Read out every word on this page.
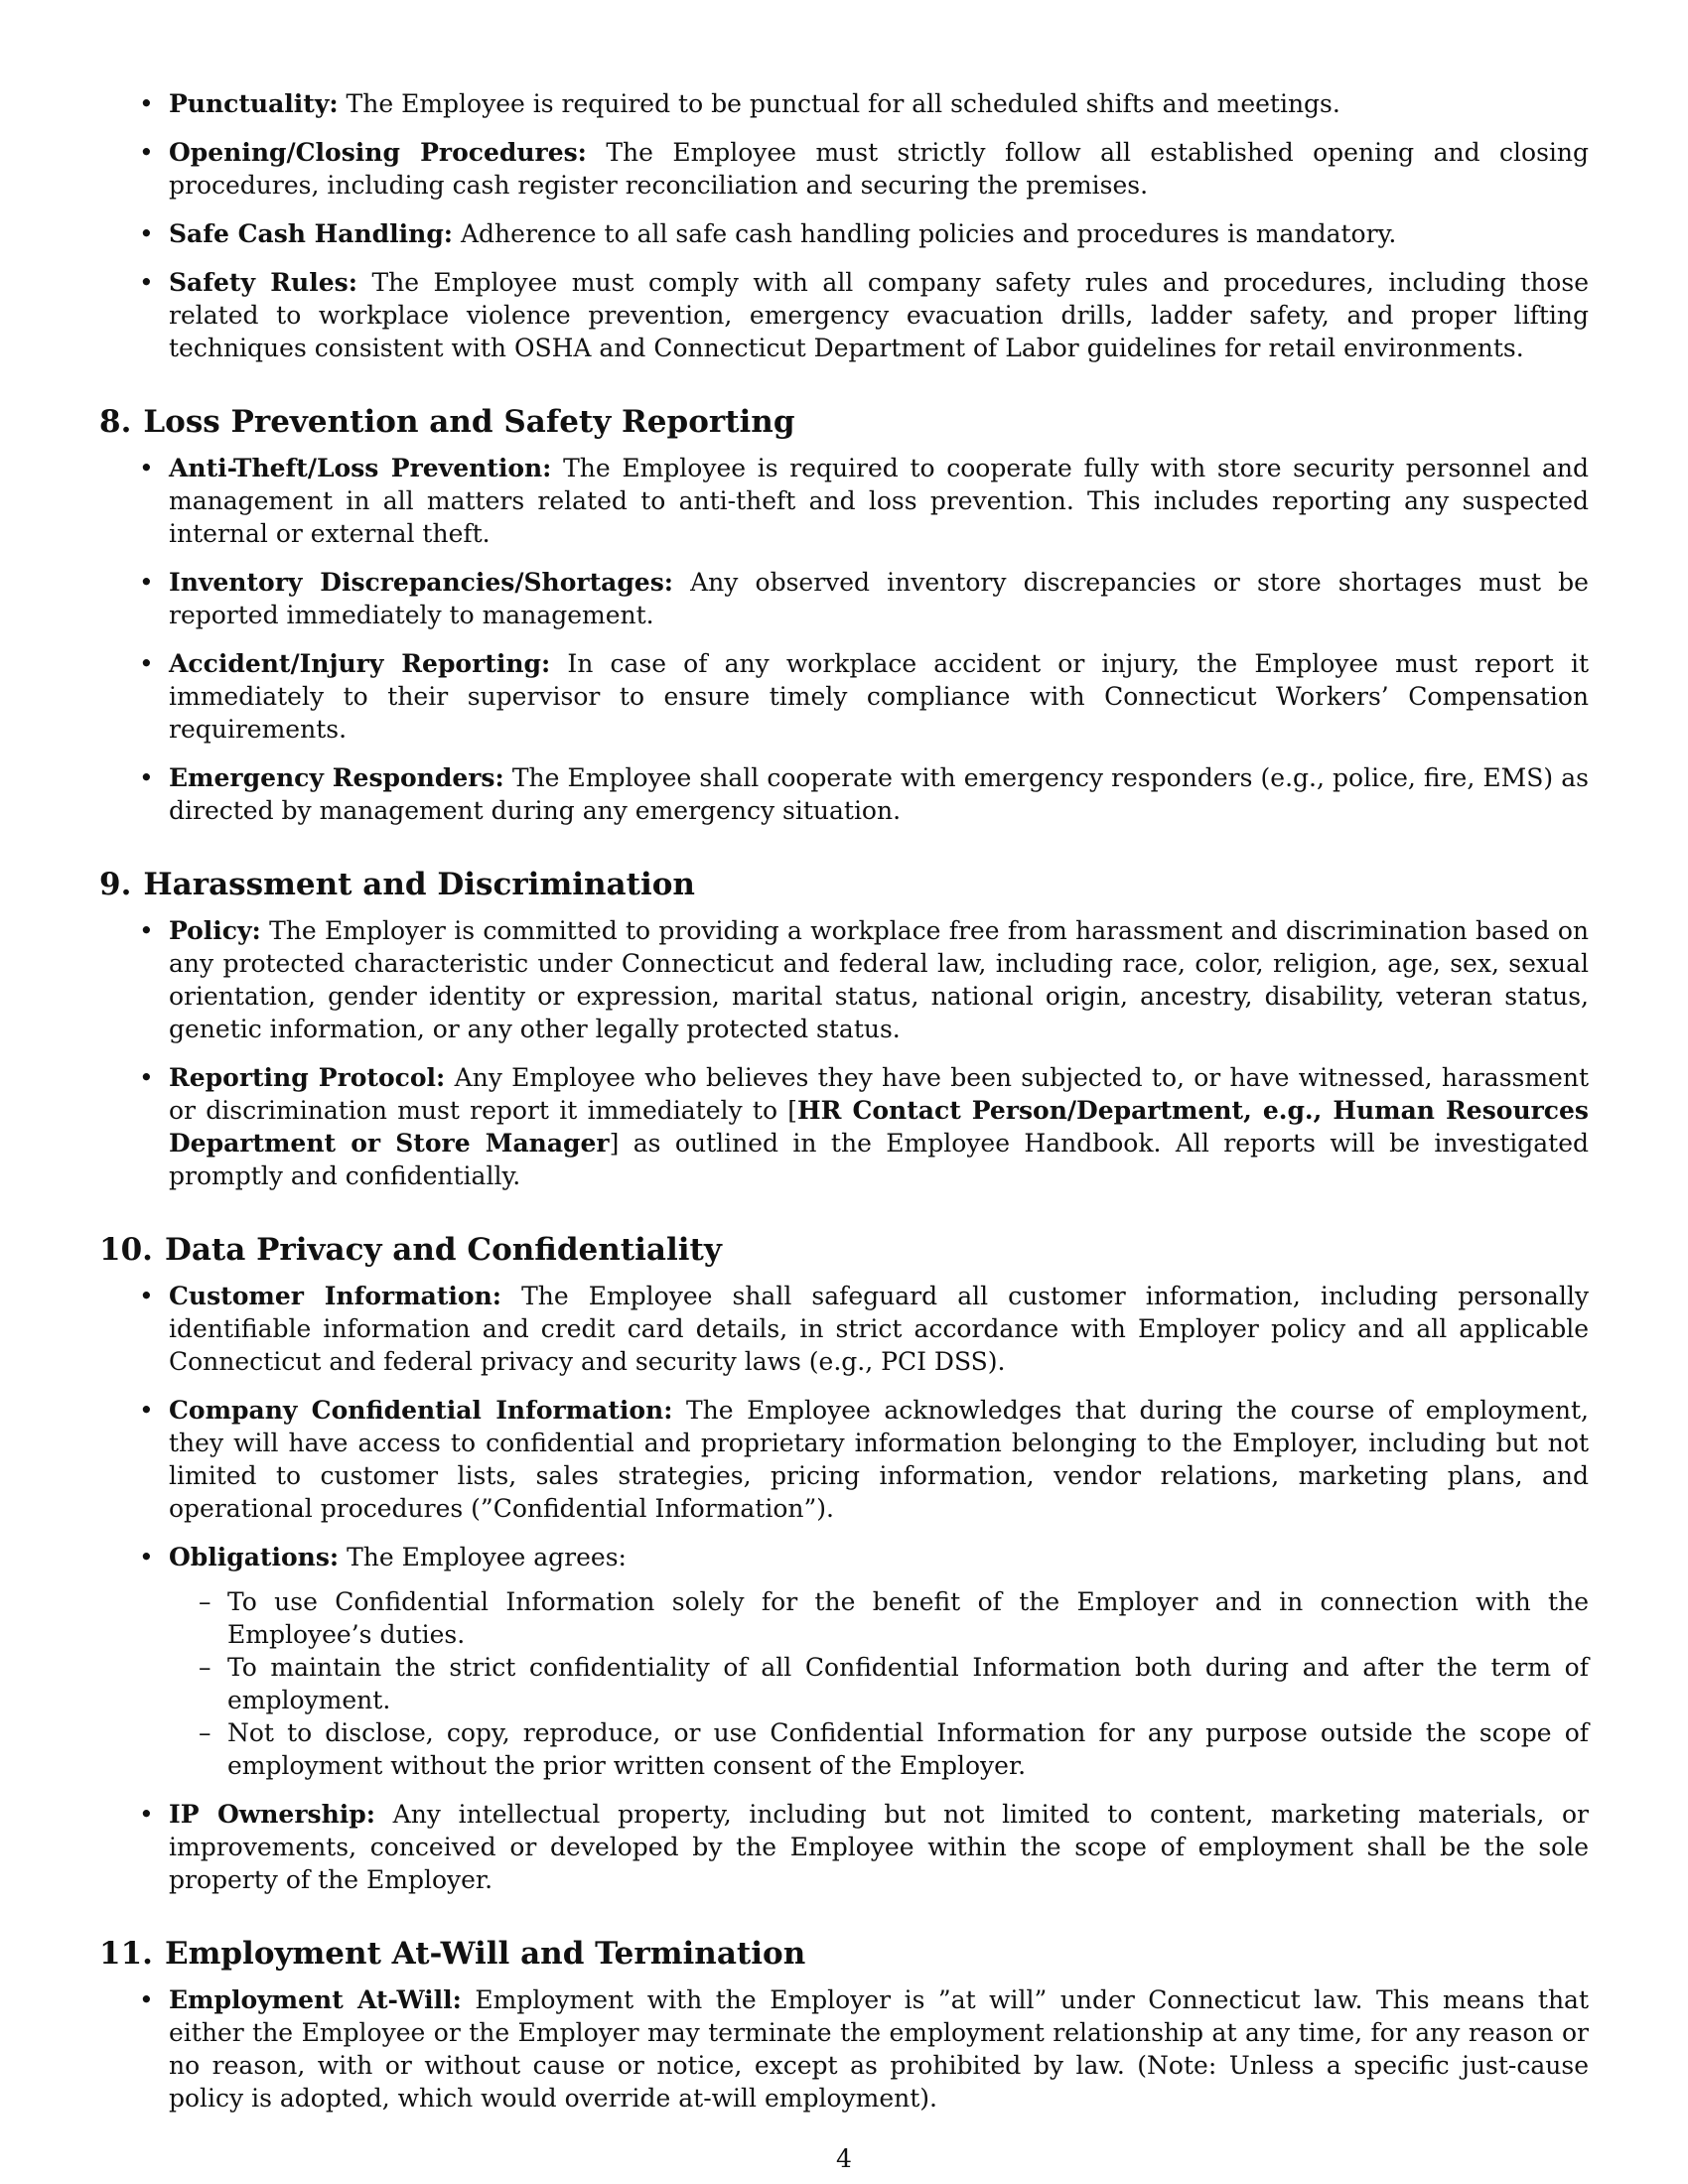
• Punctuality: The Employee is required to be punctual for all scheduled shifts and meetings.
• Opening/Closing Procedures: The Employee must strictly follow all established opening and closing procedures, including cash register reconciliation and securing the premises.
• Safe Cash Handling: Adherence to all safe cash handling policies and procedures is mandatory.
• Safety Rules: The Employee must comply with all company safety rules and procedures, including those related to workplace violence prevention, emergency evacuation drills, ladder safety, and proper lifting techniques consistent with OSHA and Connecticut Department of Labor guidelines for retail environments.
8. Loss Prevention and Safety Reporting
• Anti-Theft/Loss Prevention: The Employee is required to cooperate fully with store security personnel and management in all matters related to anti-theft and loss prevention. This includes reporting any suspected internal or external theft.
• Inventory Discrepancies/Shortages: Any observed inventory discrepancies or store shortages must be reported immediately to management.
• Accident/Injury Reporting: In case of any workplace accident or injury, the Employee must report it immediately to their supervisor to ensure timely compliance with Connecticut Workers’ Compensation requirements.
• Emergency Responders: The Employee shall cooperate with emergency responders (e.g., police, fire, EMS) as directed by management during any emergency situation.
9. Harassment and Discrimination
• Policy: The Employer is committed to providing a workplace free from harassment and discrimination based on any protected characteristic under Connecticut and federal law, including race, color, religion, age, sex, sexual orientation, gender identity or expression, marital status, national origin, ancestry, disability, veteran status, genetic information, or any other legally protected status.
• Reporting Protocol: Any Employee who believes they have been subjected to, or have witnessed, harassment or discrimination must report it immediately to [HR Contact Person/Department, e.g., Human Resources Department or Store Manager] as outlined in the Employee Handbook. All reports will be investigated promptly and confidentially.
10. Data Privacy and Confidentiality
• Customer Information: The Employee shall safeguard all customer information, including personally identifiable information and credit card details, in strict accordance with Employer policy and all applicable Connecticut and federal privacy and security laws (e.g., PCI DSS).
• Company Confidential Information: The Employee acknowledges that during the course of employment, they will have access to confidential and proprietary information belonging to the Employer, including but not limited to customer lists, sales strategies, pricing information, vendor relations, marketing plans, and operational procedures (”Confidential Information”).
• Obligations: The Employee agrees:
– To use Confidential Information solely for the benefit of the Employer and in connection with the Employee’s duties.
– To maintain the strict confidentiality of all Confidential Information both during and after the term of employment.
– Not to disclose, copy, reproduce, or use Confidential Information for any purpose outside the scope of employment without the prior written consent of the Employer.
• IP Ownership: Any intellectual property, including but not limited to content, marketing materials, or improvements, conceived or developed by the Employee within the scope of employment shall be the sole property of the Employer.
11. Employment At-Will and Termination
• Employment At-Will: Employment with the Employer is ”at will” under Connecticut law. This means that either the Employee or the Employer may terminate the employment relationship at any time, for any reason or no reason, with or without cause or notice, except as prohibited by law. (Note: Unless a specific just-cause policy is adopted, which would override at-will employment).
4
